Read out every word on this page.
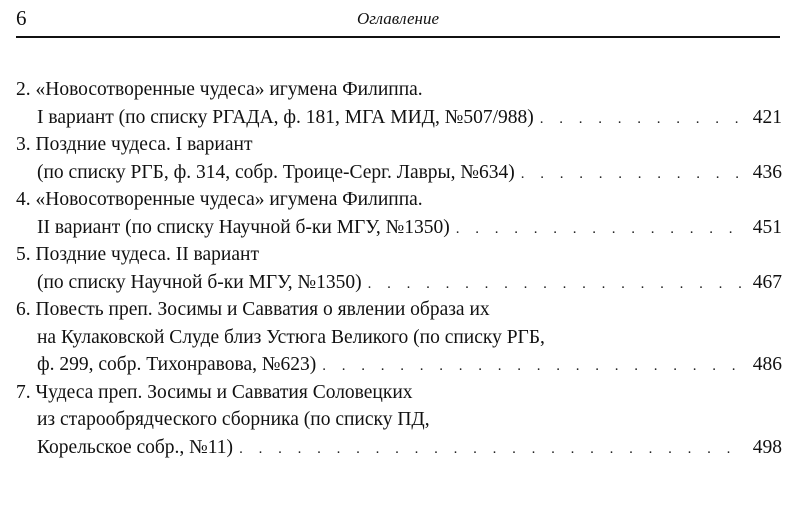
6	Оглавление
2. «Новосотворенные чудеса» игумена Филиппа.
I вариант (по списку РГАДА, ф. 181, МГА МИД, №507/988) . . .	421
3. Поздние чудеса. I вариант
(по списку РГБ, ф. 314, собр. Троице-Серг. Лавры, №634) . . .	436
4. «Новосотворенные чудеса» игумена Филиппа.
II вариант (по списку Научной б-ки МГУ, №1350) . . .	451
5. Поздние чудеса. II вариант
(по списку Научной б-ки МГУ, №1350) . . .	467
6. Повесть преп. Зосимы и Савватия о явлении образа их
на Кулаковской Слуде близ Устюга Великого (по списку РГБ,
ф. 299, собр. Тихонравова, №623) . . .	486
7. Чудеса преп. Зосимы и Савватия Соловецких
из старообрядческого сборника (по списку ПД,
Корельское собр., №11) . . .	498
